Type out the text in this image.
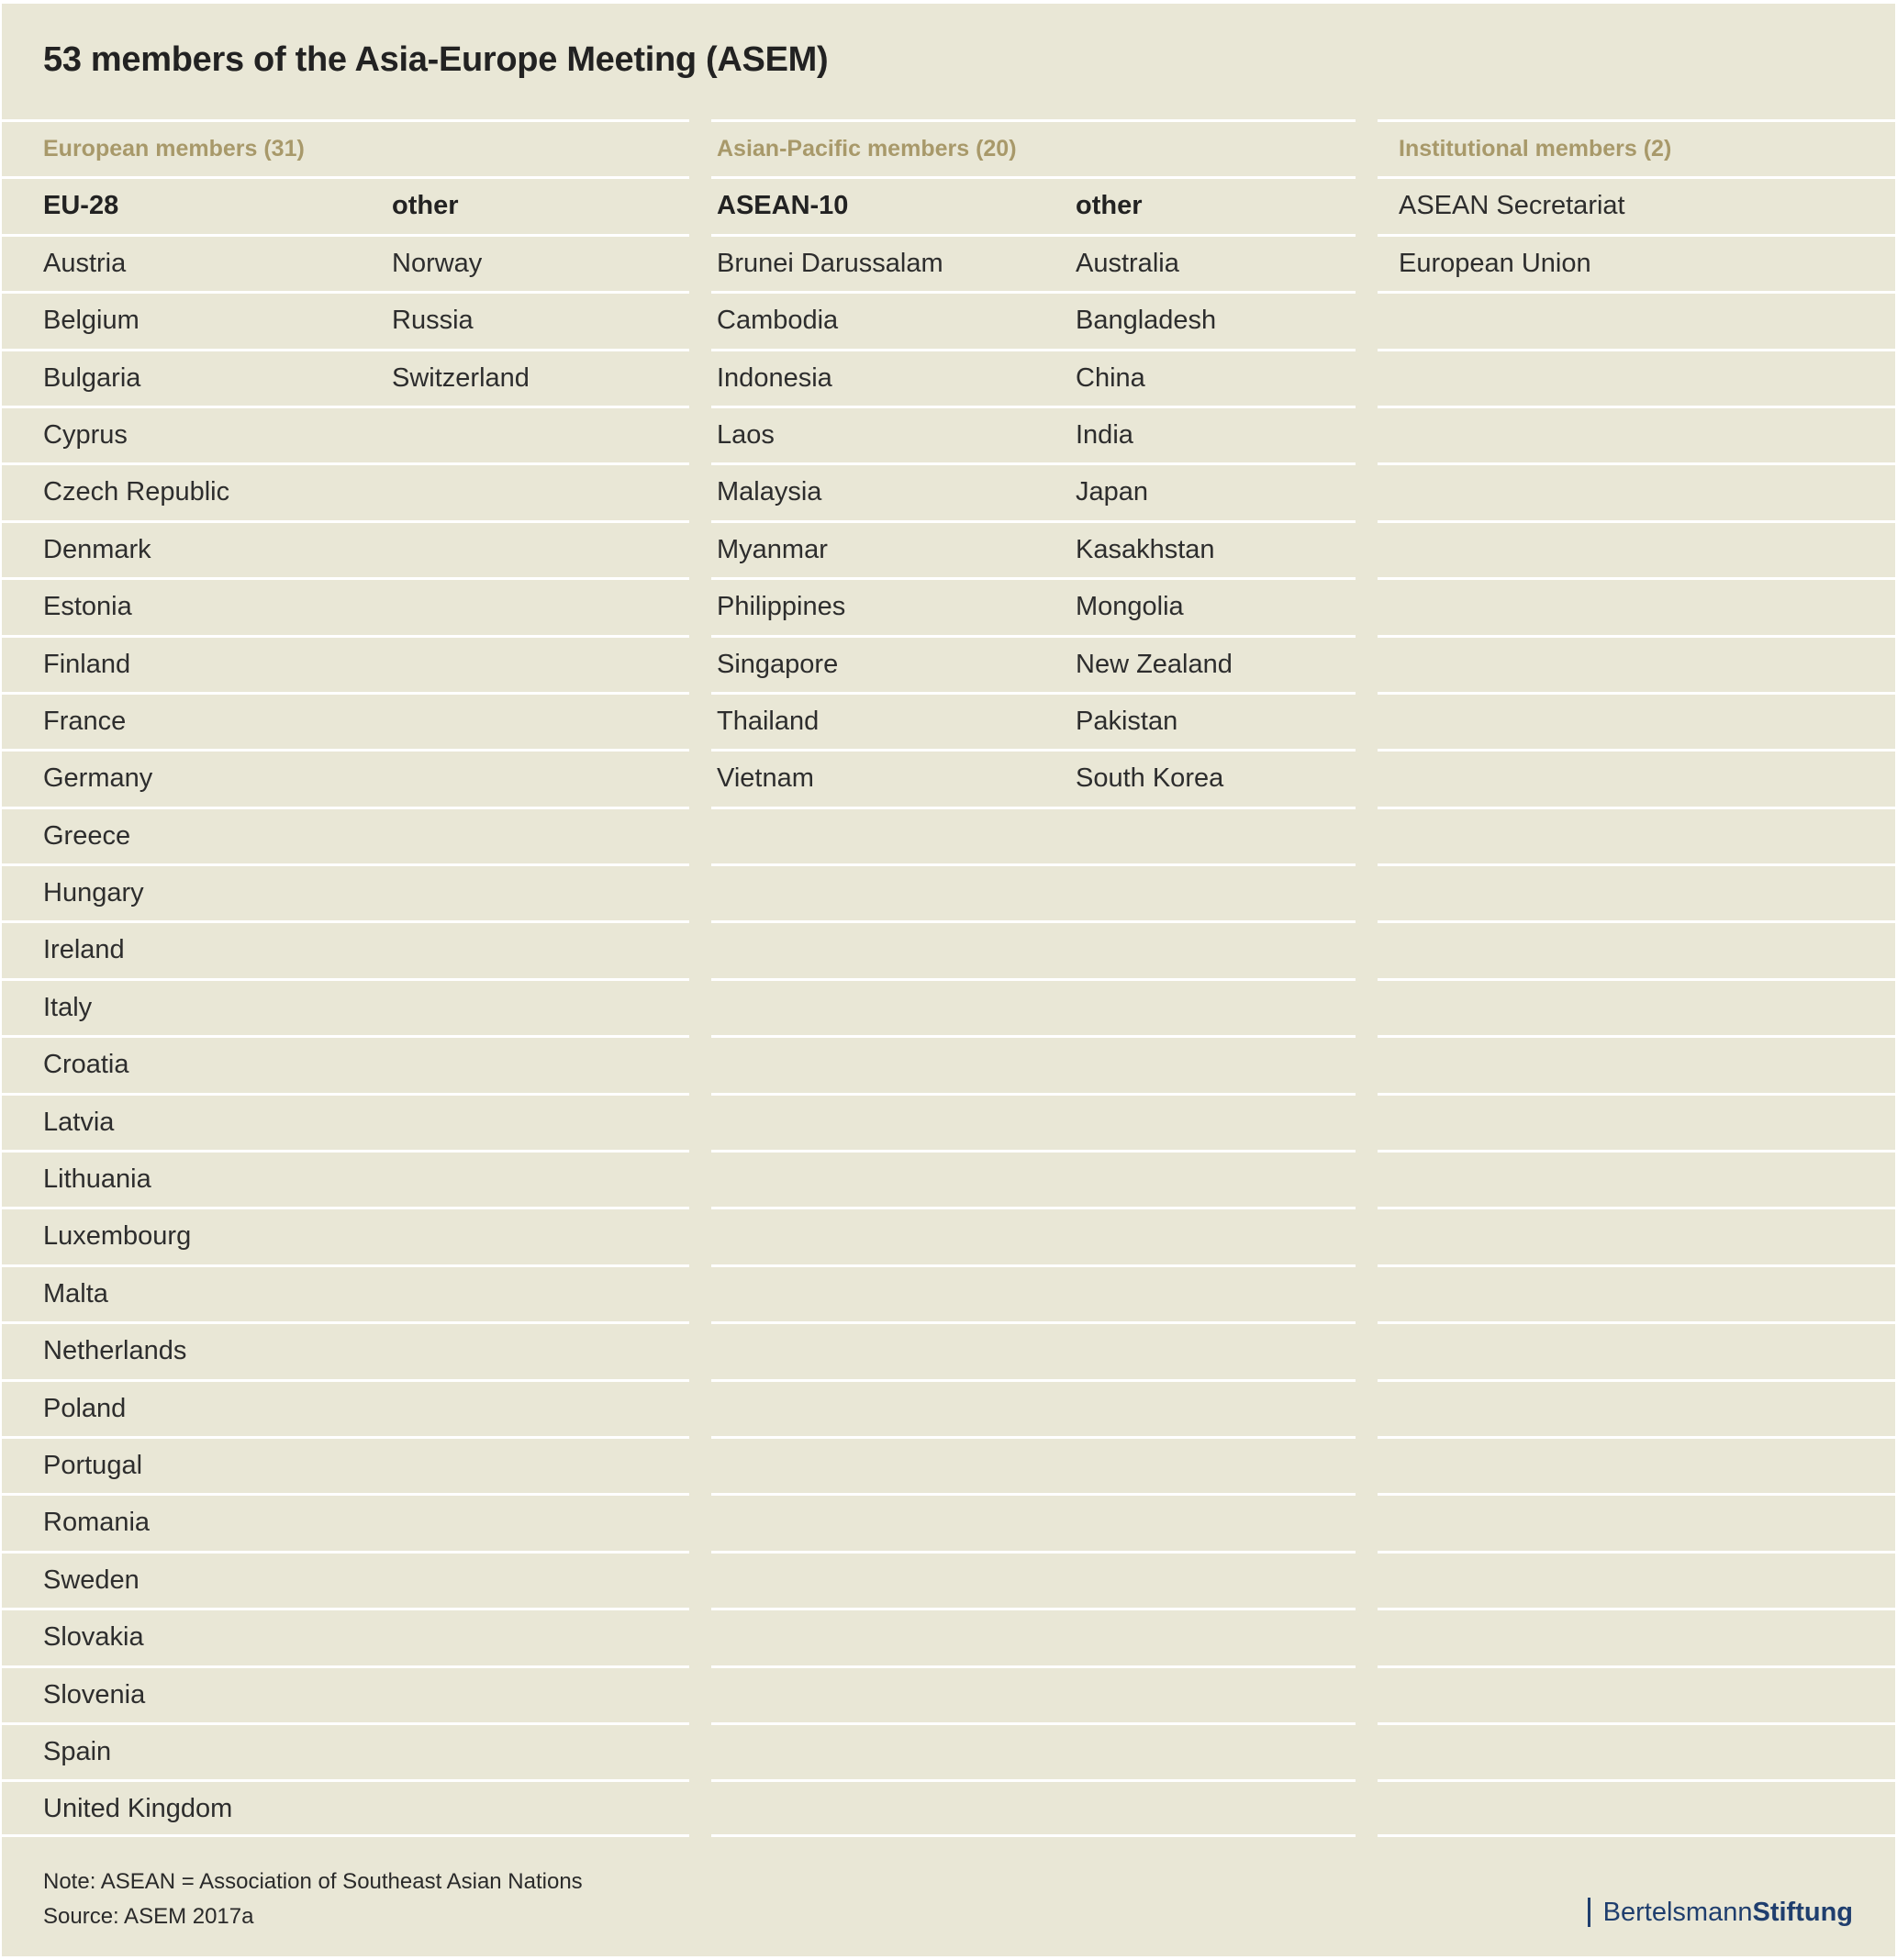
53 members of the Asia-Europe Meeting (ASEM)
European members (31)
EU-28	other
Austria	Norway
Belgium	Russia
Bulgaria	Switzerland
Cyprus
Czech Republic
Denmark
Estonia
Finland
France
Germany
Greece
Hungary
Ireland
Italy
Croatia
Latvia
Lithuania
Luxembourg
Malta
Netherlands
Poland
Portugal
Romania
Sweden
Slovakia
Slovenia
Spain
United Kingdom
Asian-Pacific members (20)
ASEAN-10	other
Brunei Darussalam	Australia
Cambodia	Bangladesh
Indonesia	China
Laos	India
Malaysia	Japan
Myanmar	Kasakhstan
Philippines	Mongolia
Singapore	New Zealand
Thailand	Pakistan
Vietnam	South Korea
Institutional members (2)
ASEAN Secretariat
European Union
Note: ASEAN = Association of Southeast Asian Nations
Source: ASEM 2017a	Bertelsmann Stiftung
